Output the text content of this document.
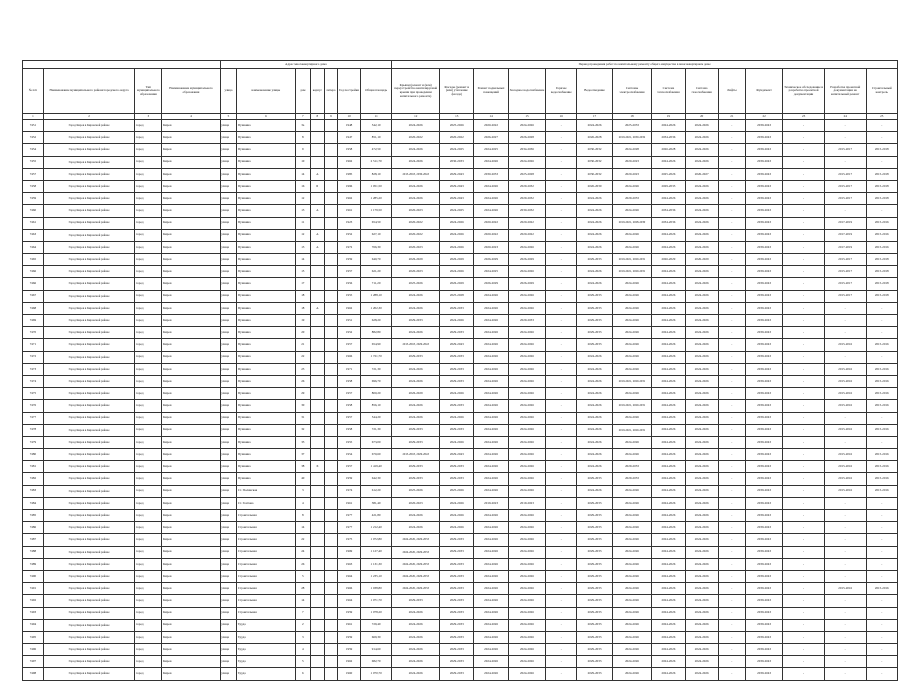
				Адрес многоквартирного дома							Период проведения работ по капитальному ремонту общего имущества в многоквартирном доме													
№ п/п	Наименование муниципального района/городского округа	Тип муниципального образования	Наименование муниципального образования	улица	наименование улицы	дом	корпус	литера	Год постройки	Общая площадь	Крыши (ремонт и (или) переустройство вентилируемой крыши при проведении капитального ремонта)	Фасады (ремонт и (или) утепление фасада)	Ремонт подвальных помещений	Холодное водоснабжение	Горячее водоснабжение	Водоотведение	Системы электроснабжения	Система теплоснабжения	Система газоснабжения	Лифты	Фундамент	Техническое обследование и разработка проектной документации	Разработка проектной документации на капитальный ремонт	Строительный контроль
1	2	3	4	5	6	7	8	9	10	11	12	13	14	15	16	17	18	19	20	21	22	23	24	25
7451	Город Киров в Кировской районе	город	Киров	улица	Пушкина	3а			1948	542,10	2024-2026	2025-2026	2020-2022	2024-2026	-	2024-2026	2025-2033	2024-2026	2024-2026	-	2039-2043	-	-	-
7452	Город Киров в Кировской районе	город	Киров	улица	Пушкина	8			1947	851,10	2020-2022	2020-2022	2026-2027	2026-2028	-	2026-2028	2019-2021, 2030-2032	2034-2036	2024-2026	-	2039-2043	-	-	-
7454	Город Киров в Кировской районе	город	Киров	улица	Пушкина	9			1958	472,50	2024-2026	2024-2025	2024-2025	2034-2036	-	2030-2032	2024-2028	2026-2028	2024-2026	-	2039-2043	-	2015-2017	2015-2018
7455	Город Киров в Кировской районе	город	Киров	улица	Пушкина	10			1962	2 511,70	2024-2026	2030-2033	2024-2026	2024-2026	-	2030-2032	2020-2023	2024-2026	2024-2026	-	2039-2043	-	-	-
7457	Город Киров в Кировской районе	город	Киров	улица	Пушкина	14	А		1985	828,10	2015-2018, 2030-2043	2029-2043	2030-2033	2025-2028	-	2030-2032	2020-2023	2025-2026	2026-2027	-	2039-2043	-	2015-2017	2015-2018
7458	Город Киров в Кировской районе	город	Киров	улица	Пушкина	16	Б		1996	1 051,50	2024-2026	2029-2043	2024-2026	2029-2032	-	2026-2030	2024-2026	2029-2033	2024-2026	-	2039-2043	-	2015-2017	2015-2018
7459	Город Киров в Кировской районе	город	Киров	улица	Пушкина	12			1962	1 285,20	2024-2026	2029-2043	2024-2026	2029-2032	-	2024-2026	2029-2033	2024-2026	2024-2026	-	2039-2043	-	2015-2017	2015-2018
7460	Город Киров в Кировской районе	город	Киров	улица	Пушкина	13	А		1961	1 179,50	2020-2023	2024-2025	2024-2026	2030-2032	-	2024-2026	2024-2026	2034-2036	2024-2026	-	2039-2043	-	-	-
7461	Город Киров в Кировской районе	город	Киров	улица	Пушкина	11			1923	654,50	2020-2022	2024-2026	2020-2022	2020-2022	-	2024-2026	2019-2021, 2028-2030	2034-2036	2024-2026	-	2039-2043	-	2017-2019	2015-2016
7463	Город Киров в Кировской районе	город	Киров	улица	Пушкина	12	А		1952	627,10	2020-2022	2024-2026	2020-2022	2020-2022	-	2024-2026	2024-2026	2024-2026	2024-2026	-	2039-2043	-	2017-2019	2015-2016
7464	Город Киров в Кировской районе	город	Киров	улица	Пушкина	13	А		1972	766,30	2020-2023	2024-2026	2020-2023	2024-2026	-	2024-2026	2024-2026	2024-2026	2024-2026	-	2039-2043	-	2017-2019	2015-2016
7465	Город Киров в Кировской районе	город	Киров	улица	Пушкина	14			1959	640,70	2026-2029	2026-2029	2026-2029	2026-2029	-	2029-2033	2019-2021, 2029-2031	2026-2029	2026-2029	-	2039-2043	-	2015-2017	2015-2018
7466	Город Киров в Кировской районе	город	Киров	улица	Пушкина	15			1957	621,20	2020-2023	2024-2026	2024-2025	2024-2026	-	2024-2026	2019-2021, 2029-2031	2024-2026	2024-2026	-	2039-2043	-	2015-2017	2015-2018
7466	Город Киров в Кировской районе	город	Киров	улица	Пушкина	17			1956	711,20	2025-2026	2026-2029	2026-2029	2026-2029	-	2024-2026	2024-2026	2024-2026	2024-2026	-	2039-2043	-	2015-2017	2015-2018
7467	Город Киров в Кировской районе	город	Киров	улица	Пушкина	18			1955	1 288,10	2024-2026	2025-2028	2024-2026	2024-2026	-	2029-2033	2024-2026	2024-2026	2024-2026	-	2039-2043	-	2015-2017	2015-2018
7468	Город Киров в Кировской районе	город	Киров	улица	Пушкина	18	А		1962	1 202,30	2024-2026	2029-2033	2024-2026	2024-2026	-	2029-2033	2024-2026	2024-2026	2024-2026	-	2039-2043	-	-	-
7469	Город Киров в Кировской районе	город	Киров	улица	Пушкина	19			1951	628,20	2029-2033	2024-2026	2024-2026	2029-2033	-	2029-2033	2024-2026	2024-2026	2024-2026	-	2039-2043	-	-	-
7470	Город Киров в Кировской районе	город	Киров	улица	Пушкина	20			1952	882,80	2024-2026	2029-2033	2024-2026	2024-2026	-	2029-2033	2024-2026	2024-2026	2024-2026	-	2039-2043	-	-	-
7471	Город Киров в Кировской районе	город	Киров	улица	Пушкина	21			1957	654,90	2015-2018, 2029-2043	2029-2043	2024-2026	2024-2026	-	2029-2033	2024-2026	2024-2026	2024-2026	-	2039-2043	-	2015-2016	2015-2016
7472	Город Киров в Кировской районе	город	Киров	улица	Пушкина	22			1966	1 721,70	2029-2033	2029-2033	2024-2026	2024-2026	-	2024-2026	2024-2026	2024-2026	2024-2026	-	2039-2043	-	-	-
7473	Город Киров в Кировской районе	город	Киров	улица	Пушкина	23			1971	721,30	2024-2026	2029-2033	2024-2026	2024-2026	-	2024-2026	2024-2026	2024-2026	2024-2026	-	2039-2043	-	2015-2016	2015-2016
7474	Город Киров в Кировской районе	город	Киров	улица	Пушкина	26			1958	696,70	2024-2026	2029-2033	2024-2026	2024-2026	-	2024-2026	2019-2021, 2029-2031	2024-2026	2024-2026	-	2039-2043	-	2015-2016	2015-2016
7475	Город Киров в Кировской районе	город	Киров	улица	Пушкина	29			1957	800,20	2026-2029	2024-2026	2024-2026	2024-2026	-	2024-2026	2024-2026	2024-2026	2024-2026	-	2039-2043	-	2015-2016	2015-2016
7476	Город Киров в Кировской районе	город	Киров	улица	Пушкина	30			1958	856,10	2024-2026	2029-2033	2024-2026	2024-2026	-	2024-2026	2019-2021, 2029-2031	2024-2026	2024-2026	-	2039-2043	-	2015-2016	2015-2016
7477	Город Киров в Кировской районе	город	Киров	улица	Пушкина	31			1957	544,20	2024-2026	2024-2026	2024-2026	2024-2026	-	2024-2026	2024-2026	2024-2026	2024-2026	-	2039-2043	-	-	-
7478	Город Киров в Кировской районе	город	Киров	улица	Пушкина	32			1958	721,30	2029-2033	2029-2033	2024-2026	2024-2026	-	2024-2026	2019-2021, 2029-2031	2024-2026	2024-2026	-	2039-2043	-	2015-2016	2015-2016
7479	Город Киров в Кировской районе	город	Киров	улица	Пушкина	33			1955	673,00	2029-2033	2024-2026	2024-2026	2024-2026	-	2024-2026	2024-2026	2024-2026	2024-2026	-	2039-2043	-	-	-
7480	Город Киров в Кировской районе	город	Киров	улица	Пушкина	37			1954	670,60	2015-2018, 2029-2043	2029-2043	2024-2026	2024-2026	-	2024-2026	2024-2026	2024-2026	2024-2026	-	2039-2043	-	2015-2016	2015-2016
7481	Город Киров в Кировской районе	город	Киров	улица	Пушкина	38	Х		1957	1 419,40	2029-2033	2029-2033	2024-2026	2024-2026	-	2024-2026	2029-2033	2024-2026	2024-2026	-	2039-2043	-	2015-2016	2015-2016
7482	Город Киров в Кировской районе	город	Киров	улица	Пушкина	40			1959	642,30	2029-2033	2029-2033	2024-2026	2024-2026	-	2029-2033	2029-2033	2024-2026	2024-2026	-	2039-2043	-	2015-2016	2015-2016
7483	Город Киров в Кировской районе	город	Киров	улица	Ст. Полянская	3			1974	612,20	2025-2026	2025-2026	2024-2026	2024-2026	-	2024-2026	2024-2026	2024-2026	2024-2026	-	2039-2043	-	2015-2016	2015-2016
7484	Город Киров в Кировской районе	город	Киров	улица	Ст. Гонтова	4			1961	381,40	2020-2023	2024-2026	2019-2023	2019-2023	-	2029-2033	2024-2026	2024-2026	2024-2026	-	2039-2043	-	-	-
7485	Город Киров в Кировской районе	город	Киров	улица	Строительная	8			1977	421,80	2024-2026	2024-2026	2024-2026	2024-2026	-	2029-2033	2024-2026	2024-2026	2024-2026	-	2039-2043	-	-	-
7486	Город Киров в Кировской районе	город	Киров	улица	Строительная	14			1977	1 212,40	2024-2026	2024-2026	2024-2026	2024-2026	-	2029-2033	2024-2026	2024-2026	2024-2026	-	2039-2043	-	-	-
7487	Город Киров в Кировской районе	город	Киров	улица	Строительная	22			1975	1 072,80	2024-2026, 2029-2033	2029-2033	2024-2026	2024-2026	-	2029-2033	2024-2026	2024-2026	2024-2026	-	2039-2043	-	-	-
7488	Город Киров в Кировской районе	город	Киров	улица	Строительная	24			1969	1 127,40	2024-2026, 2029-2033	2029-2033	2024-2026	2024-2026	-	2029-2033	2024-2026	2024-2026	2024-2026	-	2039-2043	-	-	-
7489	Город Киров в Кировской районе	город	Киров	улица	Строительная	26			1963	1 131,30	2024-2026, 2029-2033	2029-2033	2024-2026	2024-2026	-	2029-2033	2024-2026	2024-2026	2024-2026	-	2039-2043	-	-	-
7490	Город Киров в Кировской районе	город	Киров	улица	Строительная	5			1964	1 235,10	2024-2026, 2029-2033	2029-2033	2024-2026	2024-2026	-	2029-2033	2024-2026	2024-2026	2024-2026	-	2039-2043	-	-	-
7491	Город Киров в Кировской районе	город	Киров	улица	Строительная	28			1966	1 038,80	2024-2026, 2029-2033	2029-2033	2024-2026	2024-2026	-	2029-2033	2024-2026	2024-2026	2024-2026	-	2039-2043	-	2015-2016	2015-2016
7492	Город Киров в Кировской районе	город	Киров	улица	Строительная	14			1964	1 071,70	2029-2033	2029-2033	2024-2026	2024-2026	-	2029-2033	2024-2026	2024-2026	2024-2026	-	2039-2043	-	-	-
7493	Город Киров в Кировской районе	город	Киров	улица	Строительная	7			1959	1 078,20	2024-2026	2029-2033	2024-2026	2024-2026	-	2029-2033	2024-2026	2024-2026	2024-2026	-	2039-2043	-	-	-
7494	Город Киров в Кировской районе	город	Киров	улица	Труда	2			1961	729,40	2024-2026	2029-2033	2024-2026	2024-2026	-	2029-2033	2024-2026	2024-2026	2024-2026	-	2039-2043	-	-	-
7495	Город Киров в Кировской районе	город	Киров	улица	Труда	3			1959	669,30	2024-2026	2029-2033	2024-2026	2024-2026	-	2029-2033	2024-2026	2024-2026	2024-2026	-	2039-2043	-	-	-
7496	Город Киров в Кировской районе	город	Киров	улица	Труда	4			1959	914,60	2024-2026	2029-2033	2024-2026	2024-2026	-	2029-2033	2024-2026	2024-2026	2024-2026	-	2039-2043	-	-	-
7497	Город Киров в Кировской районе	город	Киров	улица	Труда	5			1962	682,70	2024-2026	2029-2033	2024-2026	2024-2026	-	2029-2033	2024-2026	2024-2026	2024-2026	-	2039-2043	-	-	-
7498	Город Киров в Кировской районе	город	Киров	улица	Труда	6			1960	1 070,70	2024-2026	2029-2033	2024-2026	2024-2026	-	2029-2033	2024-2026	2024-2026	2024-2026	-	2039-2043	-	-	-
